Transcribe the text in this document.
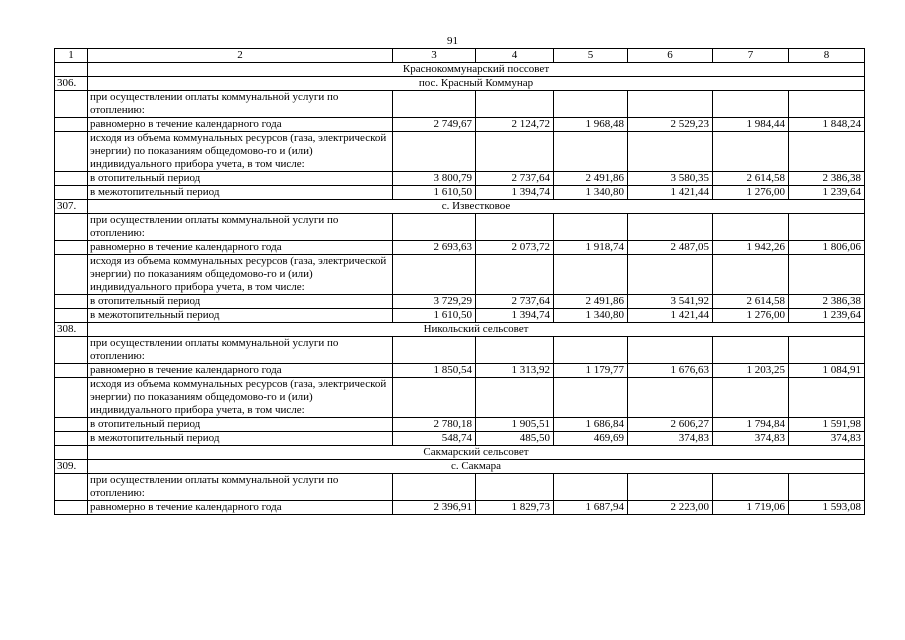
91
1	2	3	4	5	6	7	8
	Краснокоммунарский поссовет						
306.	пос. Красный Коммунар						
	при осуществлении оплаты коммунальной услуги по отоплению:						
	равномерно в течение календарного года	2 749,67	2 124,72	1 968,48	2 529,23	1 984,44	1 848,24
	исходя из объема коммунальных ресурсов (газа, электрической энергии) по показаниям общедомово-го и (или) индивидуального прибора учета, в том числе:						
	в отопительный период	3 800,79	2 737,64	2 491,86	3 580,35	2 614,58	2 386,38
	в межотопительный период	1 610,50	1 394,74	1 340,80	1 421,44	1 276,00	1 239,64
307.	с. Известковое						
	при осуществлении оплаты коммунальной услуги по отоплению:						
	равномерно в течение календарного года	2 693,63	2 073,72	1 918,74	2 487,05	1 942,26	1 806,06
	исходя из объема коммунальных ресурсов (газа, электрической энергии) по показаниям общедомово-го и (или) индивидуального прибора учета, в том числе:						
	в отопительный период	3 729,29	2 737,64	2 491,86	3 541,92	2 614,58	2 386,38
	в межотопительный период	1 610,50	1 394,74	1 340,80	1 421,44	1 276,00	1 239,64
308.	Никольский сельсовет						
	при осуществлении оплаты коммунальной услуги по отоплению:						
	равномерно в течение календарного года	1 850,54	1 313,92	1 179,77	1 676,63	1 203,25	1 084,91
	исходя из объема коммунальных ресурсов (газа, электрической энергии) по показаниям общедомово-го и (или) индивидуального прибора учета, в том числе:						
	в отопительный период	2 780,18	1 905,51	1 686,84	2 606,27	1 794,84	1 591,98
	в межотопительный период	548,74	485,50	469,69	374,83	374,83	374,83
	Сакмарский сельсовет						
309.	с. Сакмара						
	при осуществлении оплаты коммунальной услуги по отоплению:						
	равномерно в течение календарного года	2 396,91	1 829,73	1 687,94	2 223,00	1 719,06	1 593,08
